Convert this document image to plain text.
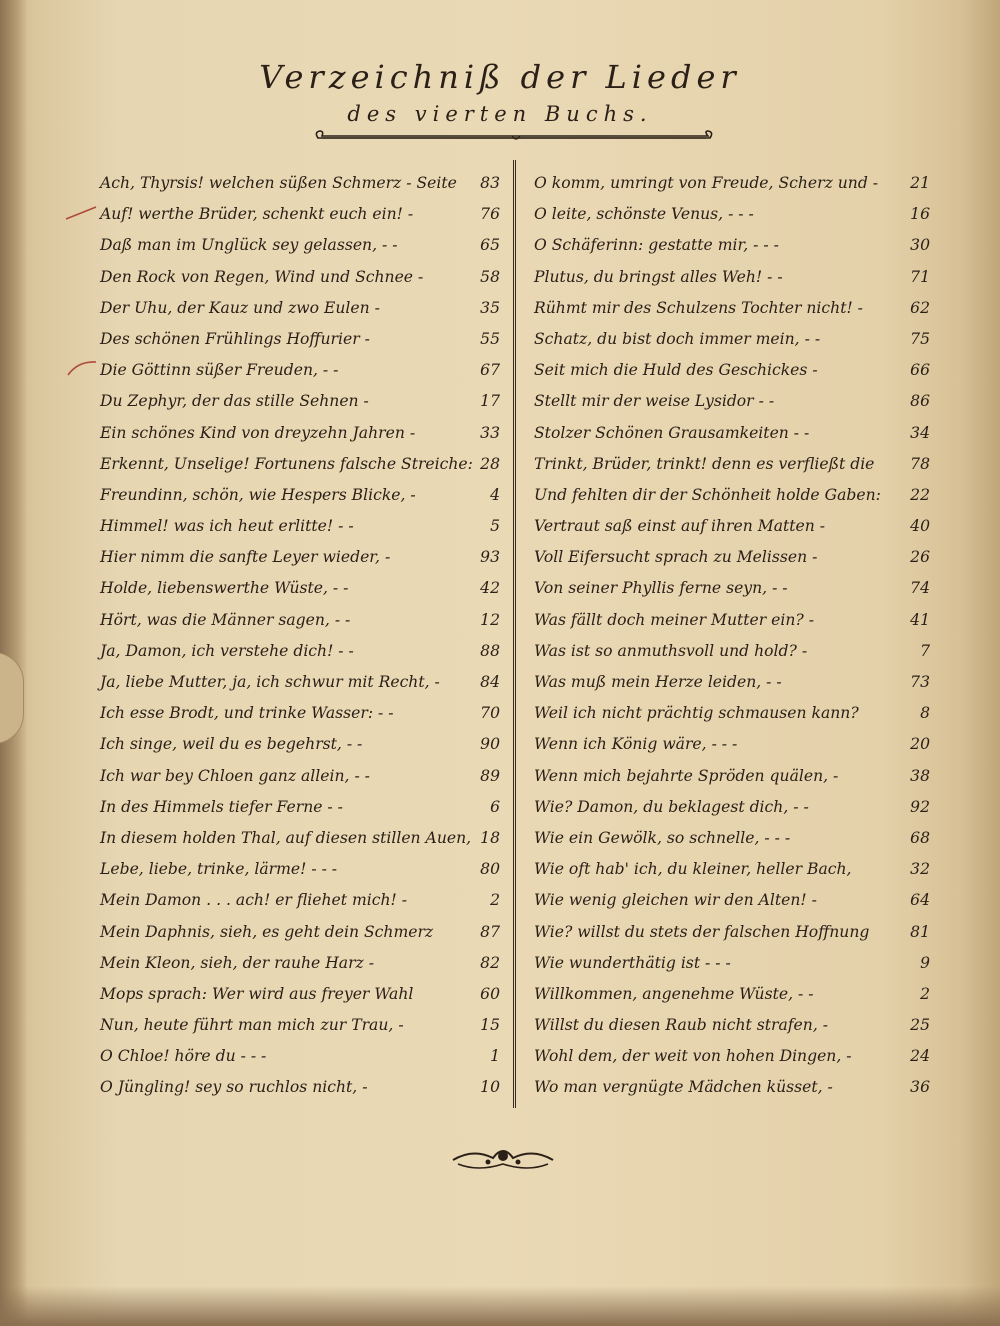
Verzeichniß der Lieder
des vierten Buchs.
Ach, Thyrsis! welchen süßen Schmerz - Seite 83
Auf! werthe Brüder, schenkt euch ein! -	76
Daß man im Unglück sey gelassen, - -	65
Den Rock von Regen, Wind und Schnee -	58
Der Uhu, der Kauz und zwo Eulen -	35
Des schönen Frühlings Hoffurier -	55
Die Göttinn süßer Freuden, - -	67
Du Zephyr, der das stille Sehnen -	17
Ein schönes Kind von dreyzehn Jahren -	33
Erkennt, Unselige! Fortunens falsche Streiche: 28
Freundinn, schön, wie Hespers Blicke, -	4
Himmel! was ich heut erlitte! - -	5
Hier nimm die sanfte Leyer wieder, -	93
Holde, liebenswerthe Wüste, - -	42
Hört, was die Männer sagen, - -	12
Ja, Damon, ich verstehe dich! - -	88
Ja, liebe Mutter, ja, ich schwur mit Recht, -	84
Ich esse Brodt, und trinke Wasser: - -	70
Ich singe, weil du es begehrst, - -	90
Ich war bey Chloen ganz allein, - -	89
In des Himmels tiefer Ferne - -	6
In diesem holden Thal, auf diesen stillen Auen, 18
Lebe, liebe, trinke, lärme! - - -	80
Mein Damon . . . ach! er fliehet mich! -	2
Mein Daphnis, sieh, es geht dein Schmerz	87
Mein Kleon, sieh, der rauhe Harz -	82
Mops sprach: Wer wird aus freyer Wahl	60
Nun, heute führt man mich zur Trau, -	15
O Chloe! höre du - - -	1
O Jüngling! sey so ruchlos nicht, -	10
O komm, umringt von Freude, Scherz und - 21
O leite, schönste Venus, - - -	16
O Schäferinn: gestatte mir, - - -	30
Plutus, du bringst alles Weh! - -	71
Rühmt mir des Schulzens Tochter nicht! -	62
Schatz, du bist doch immer mein, - -	75
Seit mich die Huld des Geschickes -	66
Stellt mir der weise Lysidor - -	86
Stolzer Schönen Grausamkeiten - -	34
Trinkt, Brüder, trinkt! denn es verfließt die 78
Und fehlten dir der Schönheit holde Gaben: 22
Vertraut saß einst auf ihren Matten -	40
Voll Eifersucht sprach zu Melissen -	26
Von seiner Phyllis ferne seyn, - -	74
Was fällt doch meiner Mutter ein? -	41
Was ist so anmuthsvoll und hold? -	7
Was muß mein Herze leiden, - -	73
Weil ich nicht prächtig schmausen kann?	8
Wenn ich König wäre, - - -	20
Wenn mich bejahrte Spröden quälen, -	38
Wie? Damon, du beklagest dich, - -	92
Wie ein Gewölk, so schnelle, - - -	68
Wie oft hab' ich, du kleiner, heller Bach,	32
Wie wenig gleichen wir den Alten! -	64
Wie? willst du stets der falschen Hoffnung	81
Wie wunderthätig ist - - -	9
Willkommen, angenehme Wüste, - -	2
Willst du diesen Raub nicht strafen, -	25
Wohl dem, der weit von hohen Dingen, -	24
Wo man vergnügte Mädchen küsset, -	36
